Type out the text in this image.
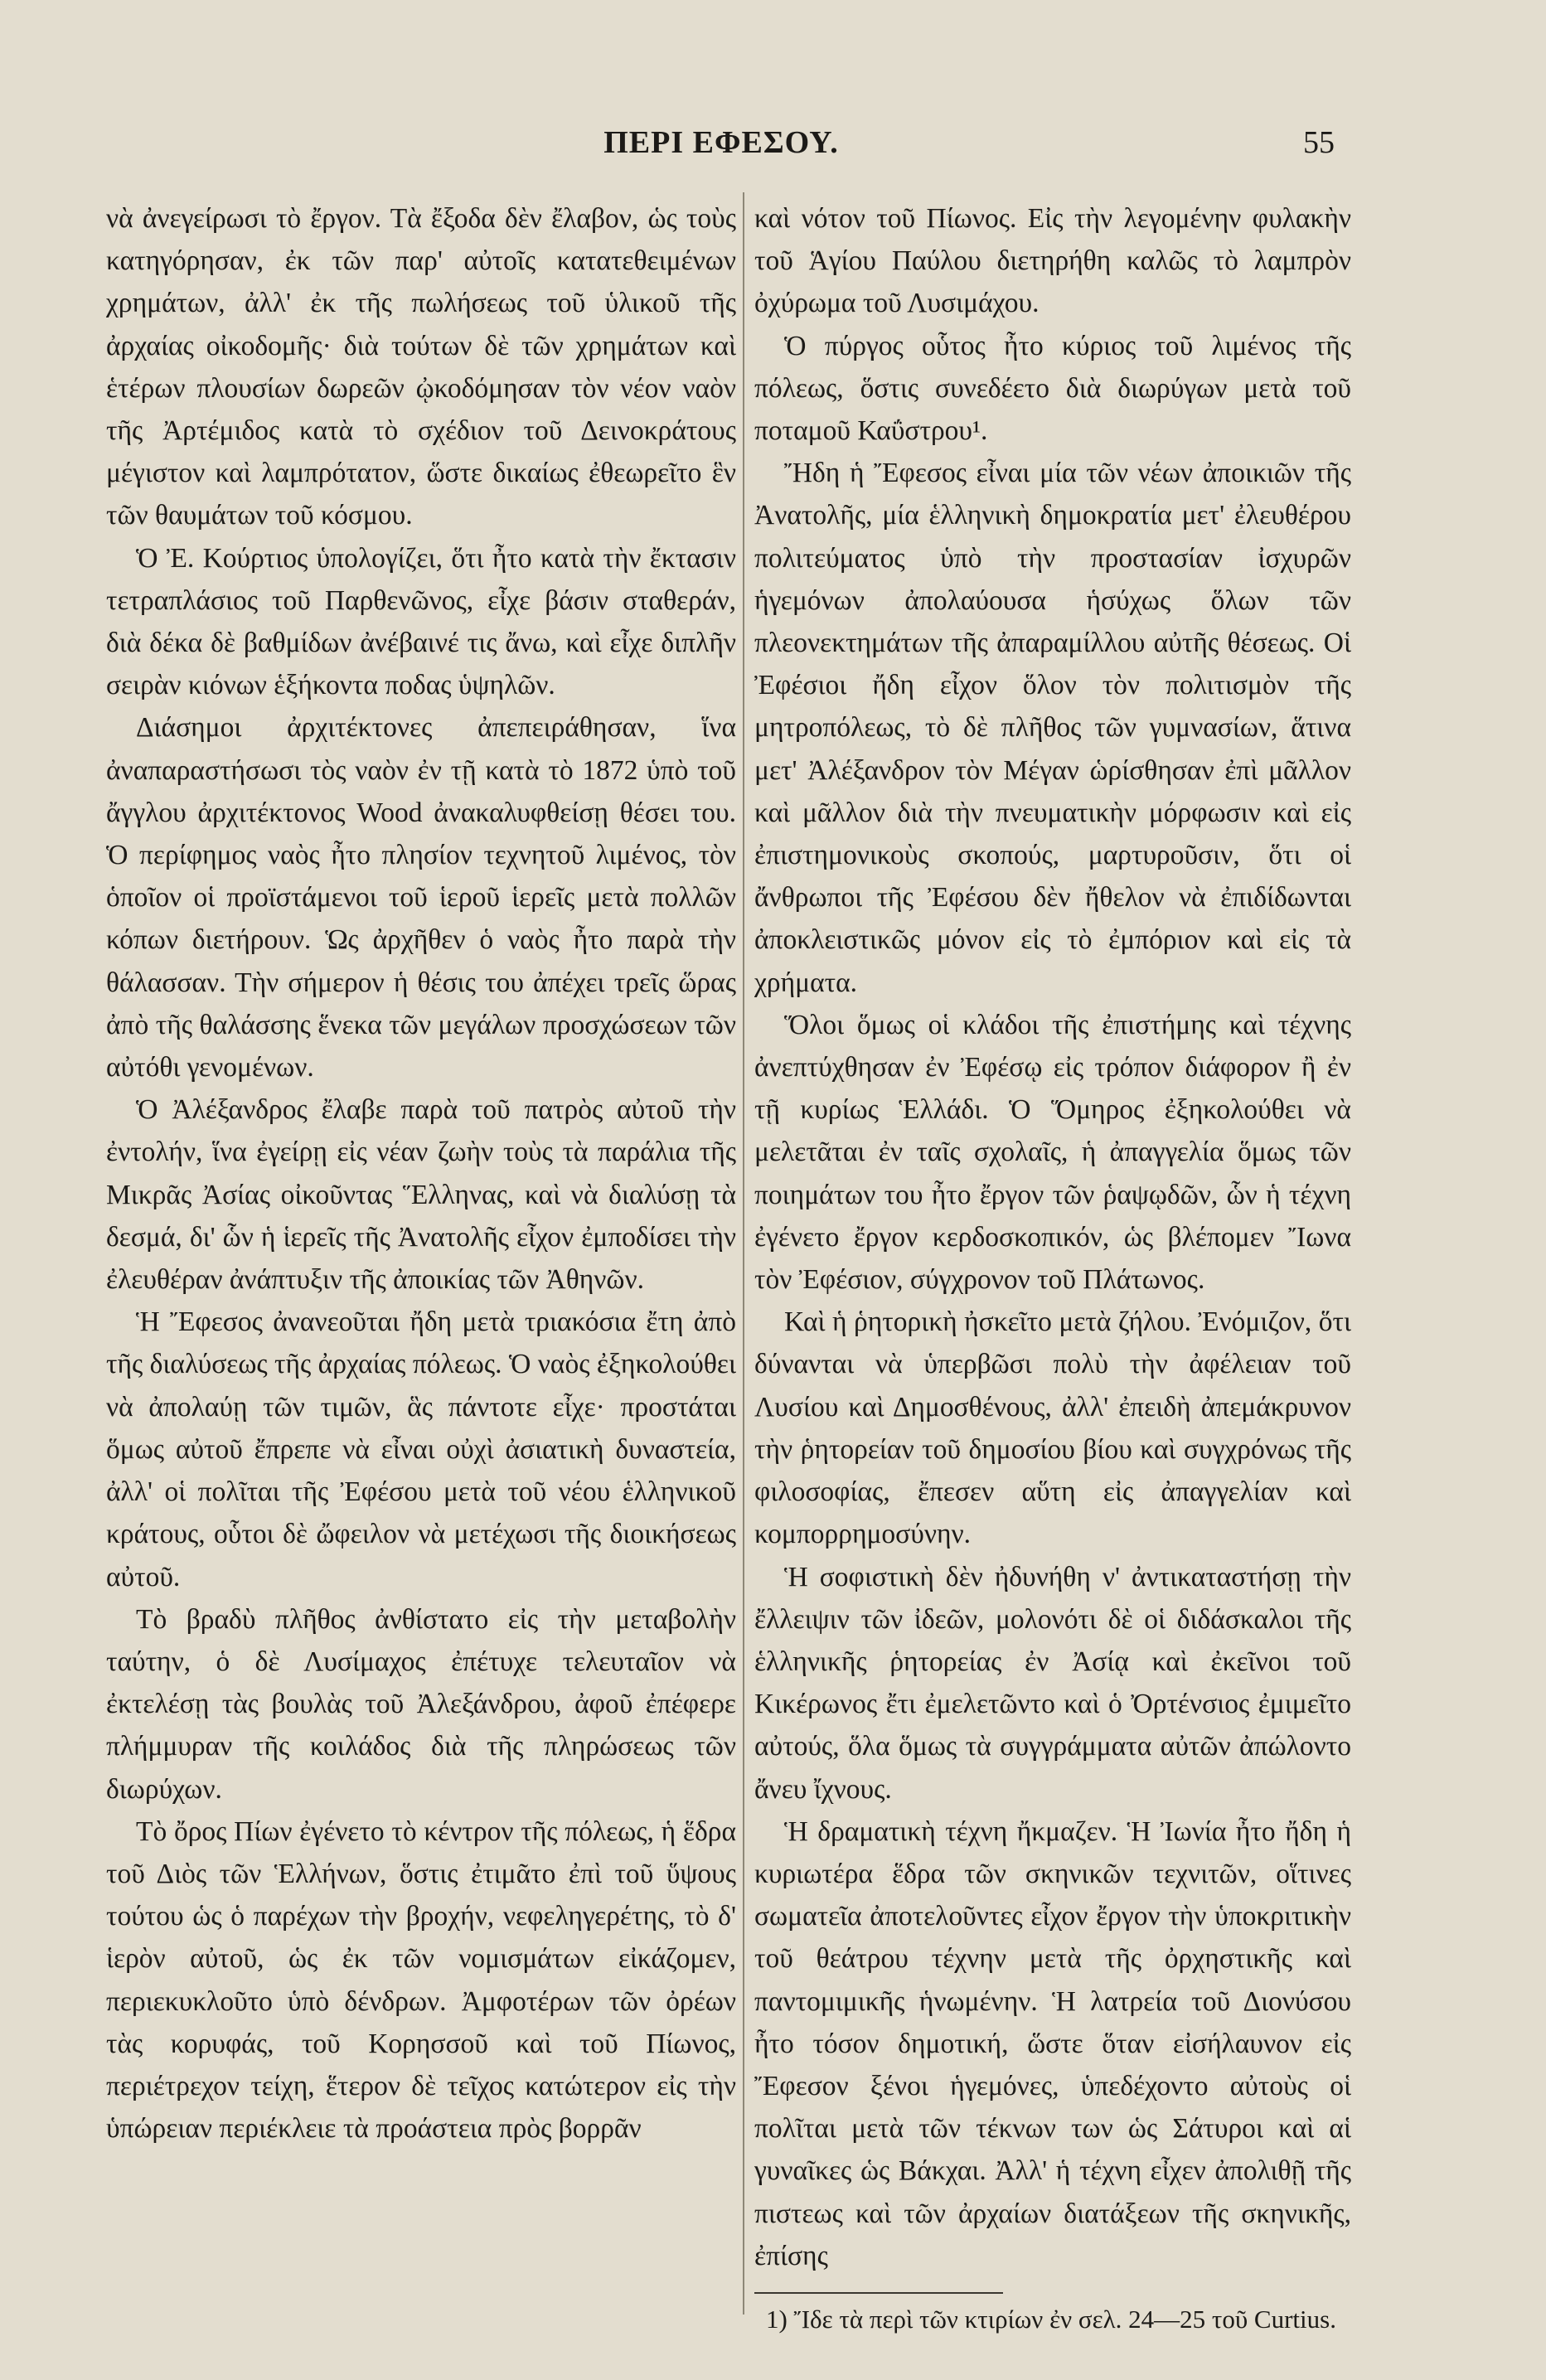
ΠΕΡΙ ΕΦΕΣΟΥ.	55

νὰ ἀνεγείρωσι τὸ ἔργον. Τὰ ἔξοδα δὲν ἔλαβον, ὡς τοὺς κατηγόρησαν, ἐκ τῶν παρ' αὐτοῖς κατατεθειμένων χρημάτων, ἀλλ' ἐκ τῆς πωλήσεως τοῦ ὑλικοῦ τῆς ἀρχαίας οἰκοδομῆς· διὰ τούτων δὲ τῶν χρημάτων καὶ ἑτέρων πλουσίων δωρεῶν ᾠκοδόμησαν τὸν νέον ναὸν τῆς Ἀρτέμιδος κατὰ τὸ σχέδιον τοῦ Δεινοκράτους μέγιστον καὶ λαμπρότατον, ὥστε δικαίως ἐθεωρεῖτο ἓν τῶν θαυμάτων τοῦ κόσμου.

Ὁ Ἐ. Κούρτιος ὑπολογίζει, ὅτι ἦτο κατὰ τὴν ἔκτασιν τετραπλάσιος τοῦ Παρθενῶνος, εἶχε βάσιν σταθεράν, διὰ δέκα δὲ βαθμίδων ἀνέβαινέ τις ἄνω, καὶ εἶχε διπλῆν σειρὰν κιόνων ἑξήκοντα ποδας ὑψηλῶν.

Διάσημοι ἀρχιτέκτονες ἀπεπειράθησαν, ἵνα ἀναπαραστήσωσι τὸς ναὸν ἐν τῇ κατὰ τὸ 1872 ὑπὸ τοῦ ἄγγλου ἀρχιτέκτονος Wood ἀνακαλυφθείσῃ θέσει του. Ὁ περίφημος ναὸς ἦτο πλησίον τεχνητοῦ λιμένος, τὸν ὁποῖον οἱ προϊστάμενοι τοῦ ἱεροῦ ἱερεῖς μετὰ πολλῶν κόπων διετήρουν. Ὡς ἀρχῆθεν ὁ ναὸς ἦτο παρὰ τὴν θάλασσαν. Τὴν σήμερον ἡ θέσις του ἀπέχει τρεῖς ὥρας ἀπὸ τῆς θαλάσσης ἕνεκα τῶν μεγάλων προσχώσεων τῶν αὐτόθι γενομένων.

Ὁ Ἀλέξανδρος ἔλαβε παρὰ τοῦ πατρὸς αὐτοῦ τὴν ἐντολήν, ἵνα ἐγείρῃ εἰς νέαν ζωὴν τοὺς τὰ παράλια τῆς Μικρᾶς Ἀσίας οἰκοῦντας Ἕλληνας, καὶ νὰ διαλύσῃ τὰ δεσμά, δι' ὧν ἡ ἱερεῖς τῆς Ἀνατολῆς εἶχον ἐμποδίσει τὴν ἐλευθέραν ἀνάπτυξιν τῆς ἀποικίας τῶν Ἀθηνῶν.

Ἡ Ἔφεσος ἀνανεοῦται ἤδη μετὰ τριακόσια ἔτη ἀπὸ τῆς διαλύσεως τῆς ἀρχαίας πόλεως. Ὁ ναὸς ἐξηκολούθει νὰ ἀπολαύῃ τῶν τιμῶν, ἃς πάντοτε εἶχε· προστάται ὅμως αὐτοῦ ἔπρεπε νὰ εἶναι οὐχὶ ἀσιατικὴ δυναστεία, ἀλλ' οἱ πολῖται τῆς Ἐφέσου μετὰ τοῦ νέου ἑλληνικοῦ κράτους, οὗτοι δὲ ὤφειλον νὰ μετέχωσι τῆς διοικήσεως αὐτοῦ.

Τὸ βραδὺ πλῆθος ἀνθίστατο εἰς τὴν μεταβολὴν ταύτην, ὁ δὲ Λυσίμαχος ἐπέτυχε τελευταῖον νὰ ἐκτελέσῃ τὰς βουλὰς τοῦ Ἀλεξάνδρου, ἀφοῦ ἐπέφερε πλήμμυραν τῆς κοιλάδος διὰ τῆς πληρώσεως τῶν διωρύχων.

Τὸ ὄρος Πίων ἐγένετο τὸ κέντρον τῆς πόλεως, ἡ ἕδρα τοῦ Διὸς τῶν Ἑλλήνων, ὅστις ἐτιμᾶτο ἐπὶ τοῦ ὕψους τούτου ὡς ὁ παρέχων τὴν βροχήν, νεφεληγερέτης, τὸ δ' ἱερὸν αὐτοῦ, ὡς ἐκ τῶν νομισμάτων εἰκάζομεν, περιεκυκλοῦτο ὑπὸ δένδρων. Ἀμφοτέρων τῶν ὀρέων τὰς κορυφάς, τοῦ Κορησσοῦ καὶ τοῦ Πίωνος, περιέτρεχον τείχη, ἕτερον δὲ τεῖχος κατώτερον εἰς τὴν ὑπώρειαν περιέκλειε τὰ προάστεια πρὸς βορρᾶν

καὶ νότον τοῦ Πίωνος. Εἰς τὴν λεγομένην φυλακὴν τοῦ Ἁγίου Παύλου διετηρήθη καλῶς τὸ λαμπρὸν ὀχύρωμα τοῦ Λυσιμάχου.

Ὁ πύργος οὗτος ἦτο κύριος τοῦ λιμένος τῆς πόλεως, ὅστις συνεδέετο διὰ διωρύγων μετὰ τοῦ ποταμοῦ Καΰστρου¹.

Ἤδη ἡ Ἔφεσος εἶναι μία τῶν νέων ἀποικιῶν τῆς Ἀνατολῆς, μία ἑλληνικὴ δημοκρατία μετ' ἐλευθέρου πολιτεύματος ὑπὸ τὴν προστασίαν ἰσχυρῶν ἡγεμόνων ἀπολαύουσα ἡσύχως ὅλων τῶν πλεονεκτημάτων τῆς ἀπαραμίλλου αὐτῆς θέσεως. Οἱ Ἐφέσιοι ἤδη εἶχον ὅλον τὸν πολιτισμὸν τῆς μητροπόλεως, τὸ δὲ πλῆθος τῶν γυμνασίων, ἅτινα μετ' Ἀλέξανδρον τὸν Μέγαν ὡρίσθησαν ἐπὶ μᾶλλον καὶ μᾶλλον διὰ τὴν πνευματικὴν μόρφωσιν καὶ εἰς ἐπιστημονικοὺς σκοπούς, μαρτυροῦσιν, ὅτι οἱ ἄνθρωποι τῆς Ἐφέσου δὲν ἤθελον νὰ ἐπιδίδωνται ἀποκλειστικῶς μόνον εἰς τὸ ἐμπόριον καὶ εἰς τὰ χρήματα.

Ὅλοι ὅμως οἱ κλάδοι τῆς ἐπιστήμης καὶ τέχνης ἀνεπτύχθησαν ἐν Ἐφέσῳ εἰς τρόπον διάφορον ἢ ἐν τῇ κυρίως Ἑλλάδι. Ὁ Ὅμηρος ἐξηκολούθει νὰ μελετᾶται ἐν ταῖς σχολαῖς, ἡ ἀπαγγελία ὅμως τῶν ποιημάτων του ἦτο ἔργον τῶν ῥαψῳδῶν, ὧν ἡ τέχνη ἐγένετο ἔργον κερδοσκοπικόν, ὡς βλέπομεν Ἴωνα τὸν Ἐφέσιον, σύγχρονον τοῦ Πλάτωνος.

Καὶ ἡ ῥητορικὴ ἠσκεῖτο μετὰ ζήλου. Ἐνόμιζον, ὅτι δύνανται νὰ ὑπερβῶσι πολὺ τὴν ἀφέλειαν τοῦ Λυσίου καὶ Δημοσθένους, ἀλλ' ἐπειδὴ ἀπεμάκρυνον τὴν ῥητορείαν τοῦ δημοσίου βίου καὶ συγχρόνως τῆς φιλοσοφίας, ἔπεσεν αὕτη εἰς ἀπαγγελίαν καὶ κομπορρημοσύνην.

Ἡ σοφιστικὴ δὲν ἠδυνήθη ν' ἀντικαταστήσῃ τὴν ἔλλειψιν τῶν ἰδεῶν, μολονότι δὲ οἱ διδάσκαλοι τῆς ἑλληνικῆς ῥητορείας ἐν Ἀσίᾳ καὶ ἐκεῖνοι τοῦ Κικέρωνος ἔτι ἐμελετῶντο καὶ ὁ Ὀρτένσιος ἐμιμεῖτο αὐτούς, ὅλα ὅμως τὰ συγγράμματα αὐτῶν ἀπώλοντο ἄνευ ἴχνους.

Ἡ δραματικὴ τέχνη ἤκμαζεν. Ἡ Ἰωνία ἦτο ἤδη ἡ κυριωτέρα ἕδρα τῶν σκηνικῶν τεχνιτῶν, οἵτινες σωματεῖα ἀποτελοῦντες εἶχον ἔργον τὴν ὑποκριτικὴν τοῦ θεάτρου τέχνην μετὰ τῆς ὀρχηστικῆς καὶ παντομιμικῆς ἡνωμένην. Ἡ λατρεία τοῦ Διονύσου ἦτο τόσον δημοτική, ὥστε ὅταν εἰσήλαυνον εἰς Ἔφεσον ξένοι ἡγεμόνες, ὑπεδέχοντο αὐτοὺς οἱ πολῖται μετὰ τῶν τέκνων των ὡς Σάτυροι καὶ αἱ γυναῖκες ὡς Βάκχαι. Ἀλλ' ἡ τέχνη εἶχεν ἀπολιθῇ τῆς πιστεως καὶ τῶν ἀρχαίων διατάξεων τῆς σκηνικῆς, ἐπίσης

1) Ἴδε τὰ περὶ τῶν κτιρίων ἐν σελ. 24—25 τοῦ Curtius.
